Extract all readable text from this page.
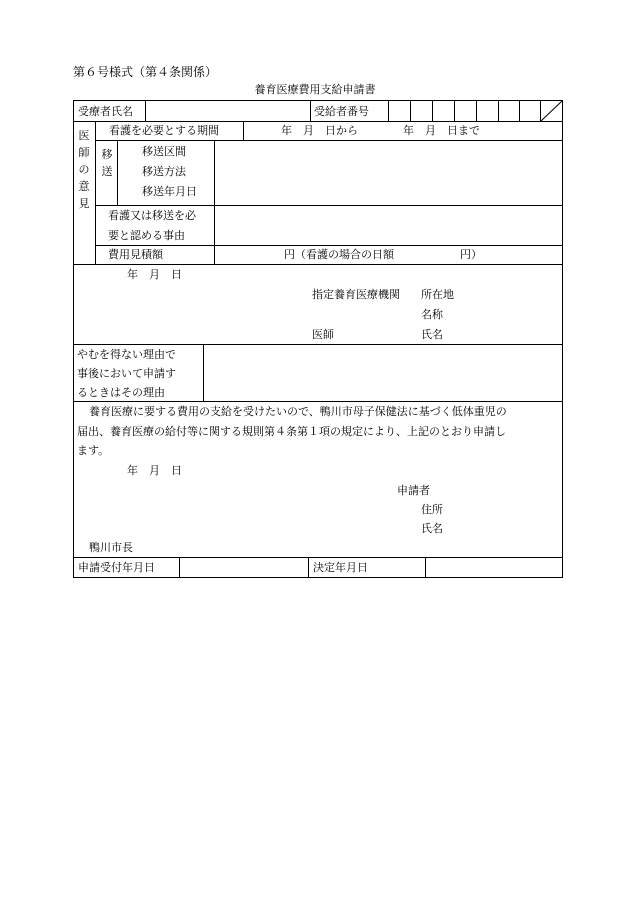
第６号様式（第４条関係）
養育医療費用支給申請書
受療者氏名	受給者番号
医
師
の
意
見
看護を必要とする期間	年　月　日から	年　月　日まで
移
送
移送区間
移送方法
移送年月日
看護又は移送を必
要と認める事由
費用見積額	円（看護の場合の日額　　　　　　円）
年　月　日
指定養育医療機関 所在地
名称
医師	氏名
やむを得ない理由で
事後において申請す
るときはその理由
養育医療に要する費用の支給を受けたいので、鴨川市母子保健法に基づく低体重児の
届出、養育医療の給付等に関する規則第４条第１項の規定により、上記のとおり申請し
ます。
年　月　日
申請者
住所
氏名
鴨川市長
申請受付年月日	決定年月日
